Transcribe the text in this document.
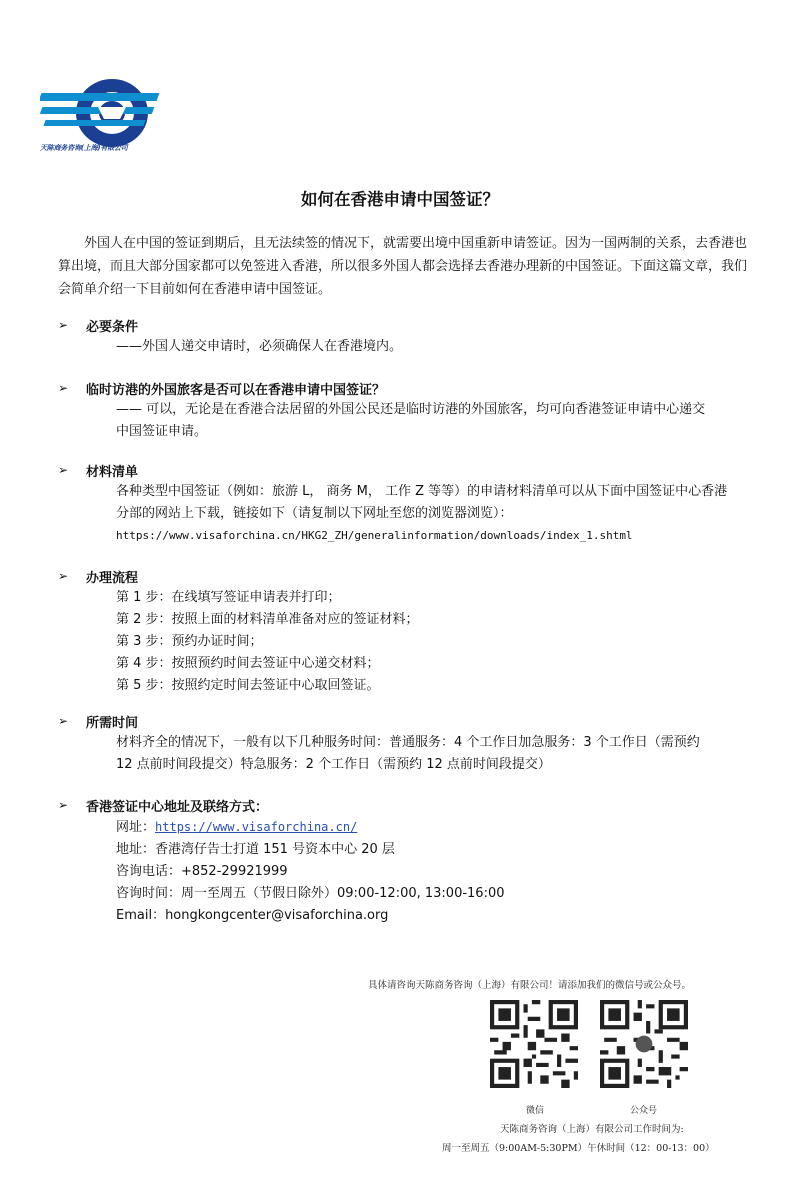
天陈商务咨询(上海)有限公司
如何在香港申请中国签证？
外国人在中国的签证到期后，且无法续签的情况下，就需要出境中国重新申请签证。因为一国两制的关系，去香港也算出境，而且大部分国家都可以免签进入香港，所以很多外国人都会选择去香港办理新的中国签证。下面这篇文章，我们会简单介绍一下目前如何在香港申请中国签证。
➢	必要条件
——外国人递交申请时，必须确保人在香港境内。
➢	临时访港的外国旅客是否可以在香港申请中国签证？
—— 可以，无论是在香港合法居留的外国公民还是临时访港的外国旅客，均可向香港签证申请中心递交
中国签证申请。
➢	材料清单
各种类型中国签证（例如：旅游 L， 商务 M， 工作 Z 等等）的申请材料清单可以从下面中国签证中心香港
分部的网站上下载，链接如下（请复制以下网址至您的浏览器浏览）：
https://www.visaforchina.cn/HKG2_ZH/generalinformation/downloads/index_1.shtml
➢	办理流程
第 1 步：在线填写签证申请表并打印；
第 2 步：按照上面的材料清单准备对应的签证材料；
第 3 步：预约办证时间；
第 4 步：按照预约时间去签证中心递交材料；
第 5 步：按照约定时间去签证中心取回签证。
➢	所需时间
材料齐全的情况下，一般有以下几种服务时间：普通服务：4 个工作日加急服务：3 个工作日（需预约
12 点前时间段提交）特急服务：2 个工作日（需预约 12 点前时间段提交）
➢	香港签证中心地址及联络方式：
网址：https://www.visaforchina.cn/
地址：香港湾仔告士打道 151 号资本中心 20 层
咨询电话：+852-29921999
咨询时间：周一至周五（节假日除外）09:00-12:00, 13:00-16:00
Email：hongkongcenter@visaforchina.org
具体请咨询天陈商务咨询（上海）有限公司！请添加我们的微信号或公众号。
微信	公众号
天陈商务咨询（上海）有限公司工作时间为:
周一至周五（9:00AM-5:30PM）午休时间（12：00-13：00）
